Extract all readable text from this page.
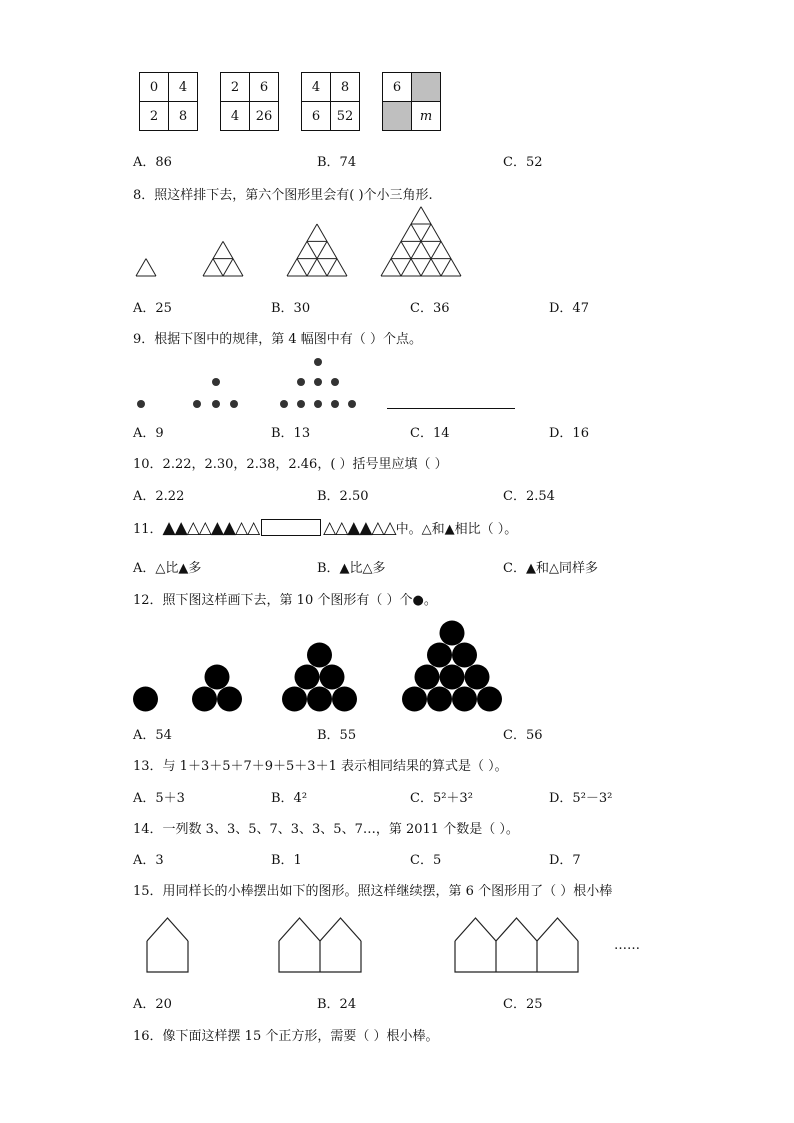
0	4
2	8
2	6
4	26
4	8
6	52
6	
	m
A．86	B．74	C．52
8．照这样排下去，第六个图形里会有( )个小三角形.
A．25	B．30	C．36	D．47
9．根据下图中的规律，第 4 幅图中有（ ）个点。
A．9	B．13	C．14	D．16
10．2.22，2.30，2.38，2.46，( ）括号里应填（ ）
A．2.22	B．2.50	C．2.54
11．▲▲△△▲▲△△	△△▲▲△△中。△和▲相比（ ）。
A．△比▲多	B．▲比△多	C．▲和△同样多
12．照下图这样画下去，第 10 个图形有（ ）个●。
A．54	B．55	C．56
13．与 1＋3＋5＋7＋9＋5＋3＋1 表示相同结果的算式是（ ）。
A．5＋3	B．4²	C．5²＋3²	D．5²－3²
14．一列数 3、3、5、7、3、3、5、7…，第 2011 个数是（ ）。
A．3	B．1	C．5	D．7
15．用同样长的小棒摆出如下的图形。照这样继续摆，第 6 个图形用了（ ）根小棒
……
A．20	B．24	C．25
16．像下面这样摆 15 个正方形，需要（ ）根小棒。
